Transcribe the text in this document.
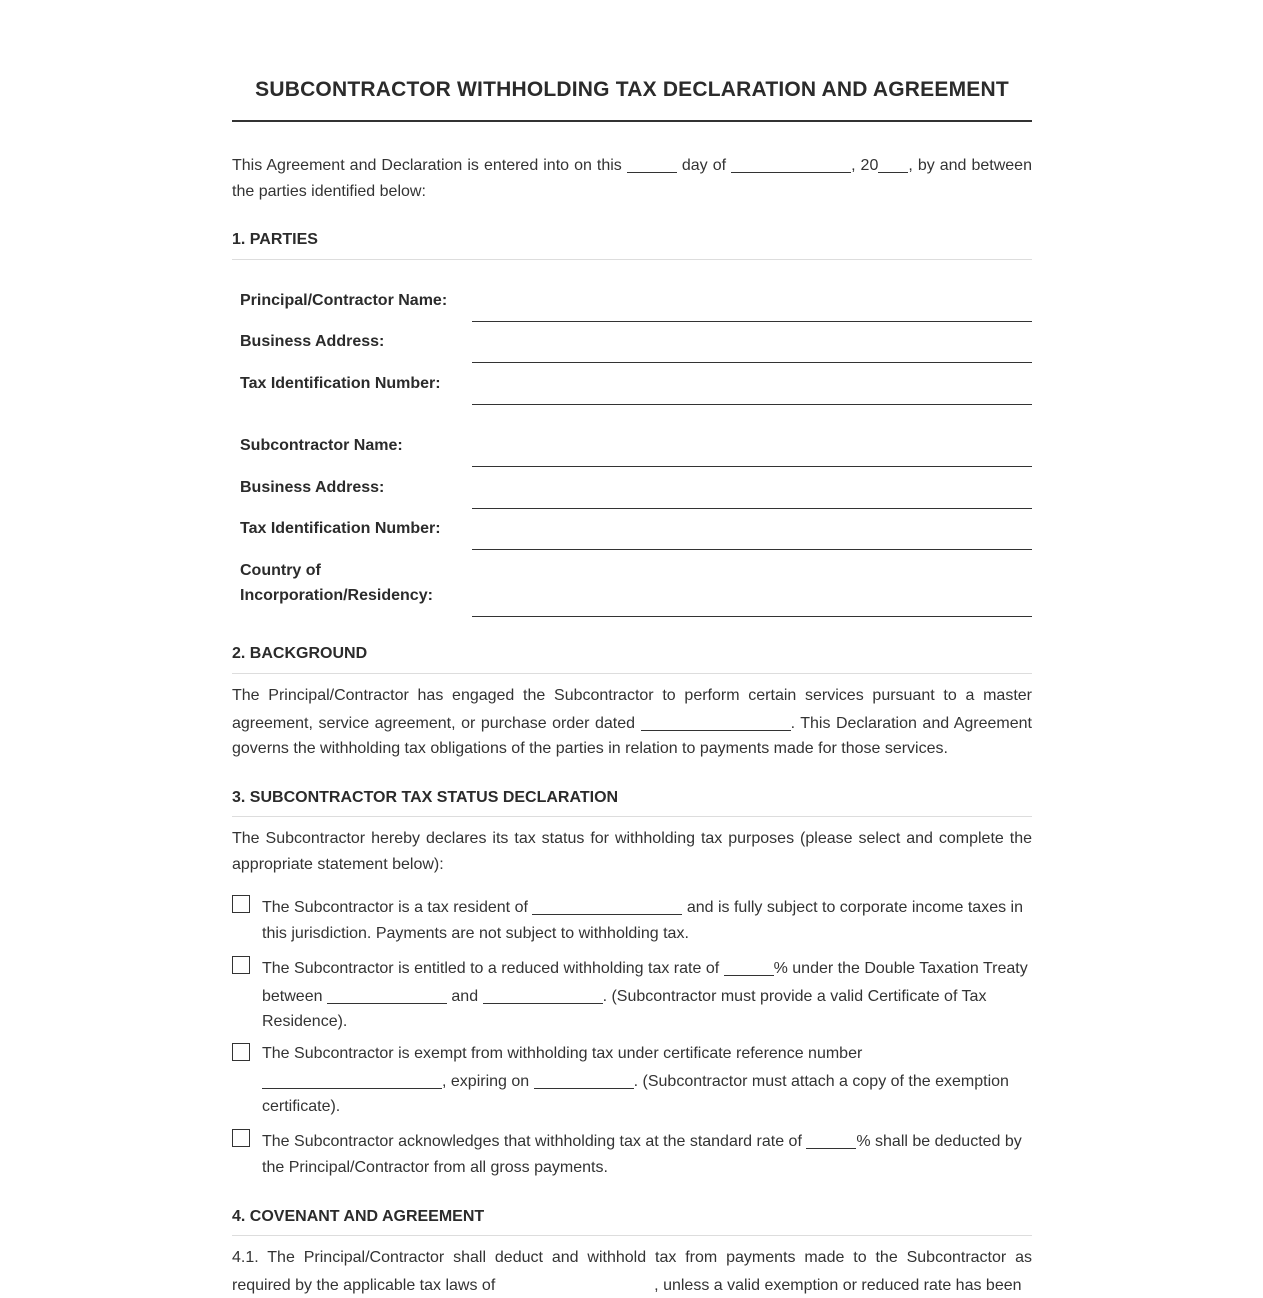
SUBCONTRACTOR WITHHOLDING TAX DECLARATION AND AGREEMENT

This Agreement and Declaration is entered into on this	day of	, 20 , by and between the parties identified below:

1. PARTIES
Principal/Contractor Name:
Business Address:
Tax Identification Number:
Subcontractor Name:
Business Address:
Tax Identification Number:
Country of
Incorporation/Residency:
2. BACKGROUND

The Principal/Contractor has engaged the Subcontractor to perform certain services pursuant to a master agreement, service agreement, or purchase order dated	. This Declaration and Agreement governs the withholding tax obligations of the parties in relation to payments made for those services.

3. SUBCONTRACTOR TAX STATUS DECLARATION

The Subcontractor hereby declares its tax status for withholding tax purposes (please select and complete the appropriate statement below):

The Subcontractor is a tax resident of	and is fully subject to corporate income taxes in this jurisdiction. Payments are not subject to withholding tax.
The Subcontractor is entitled to a reduced withholding tax rate of	% under the Double Taxation Treaty between	and	. (Subcontractor must provide a valid Certificate of Tax Residence).
The Subcontractor is exempt from withholding tax under certificate reference number
, expiring on	. (Subcontractor must attach a copy of the exemption certificate).
The Subcontractor acknowledges that withholding tax at the standard rate of	% shall be deducted by the Principal/Contractor from all gross payments.
4. COVENANT AND AGREEMENT

4.1. The Principal/Contractor shall deduct and withhold tax from payments made to the Subcontractor as required by the applicable tax laws of	, unless a valid exemption or reduced rate has been
